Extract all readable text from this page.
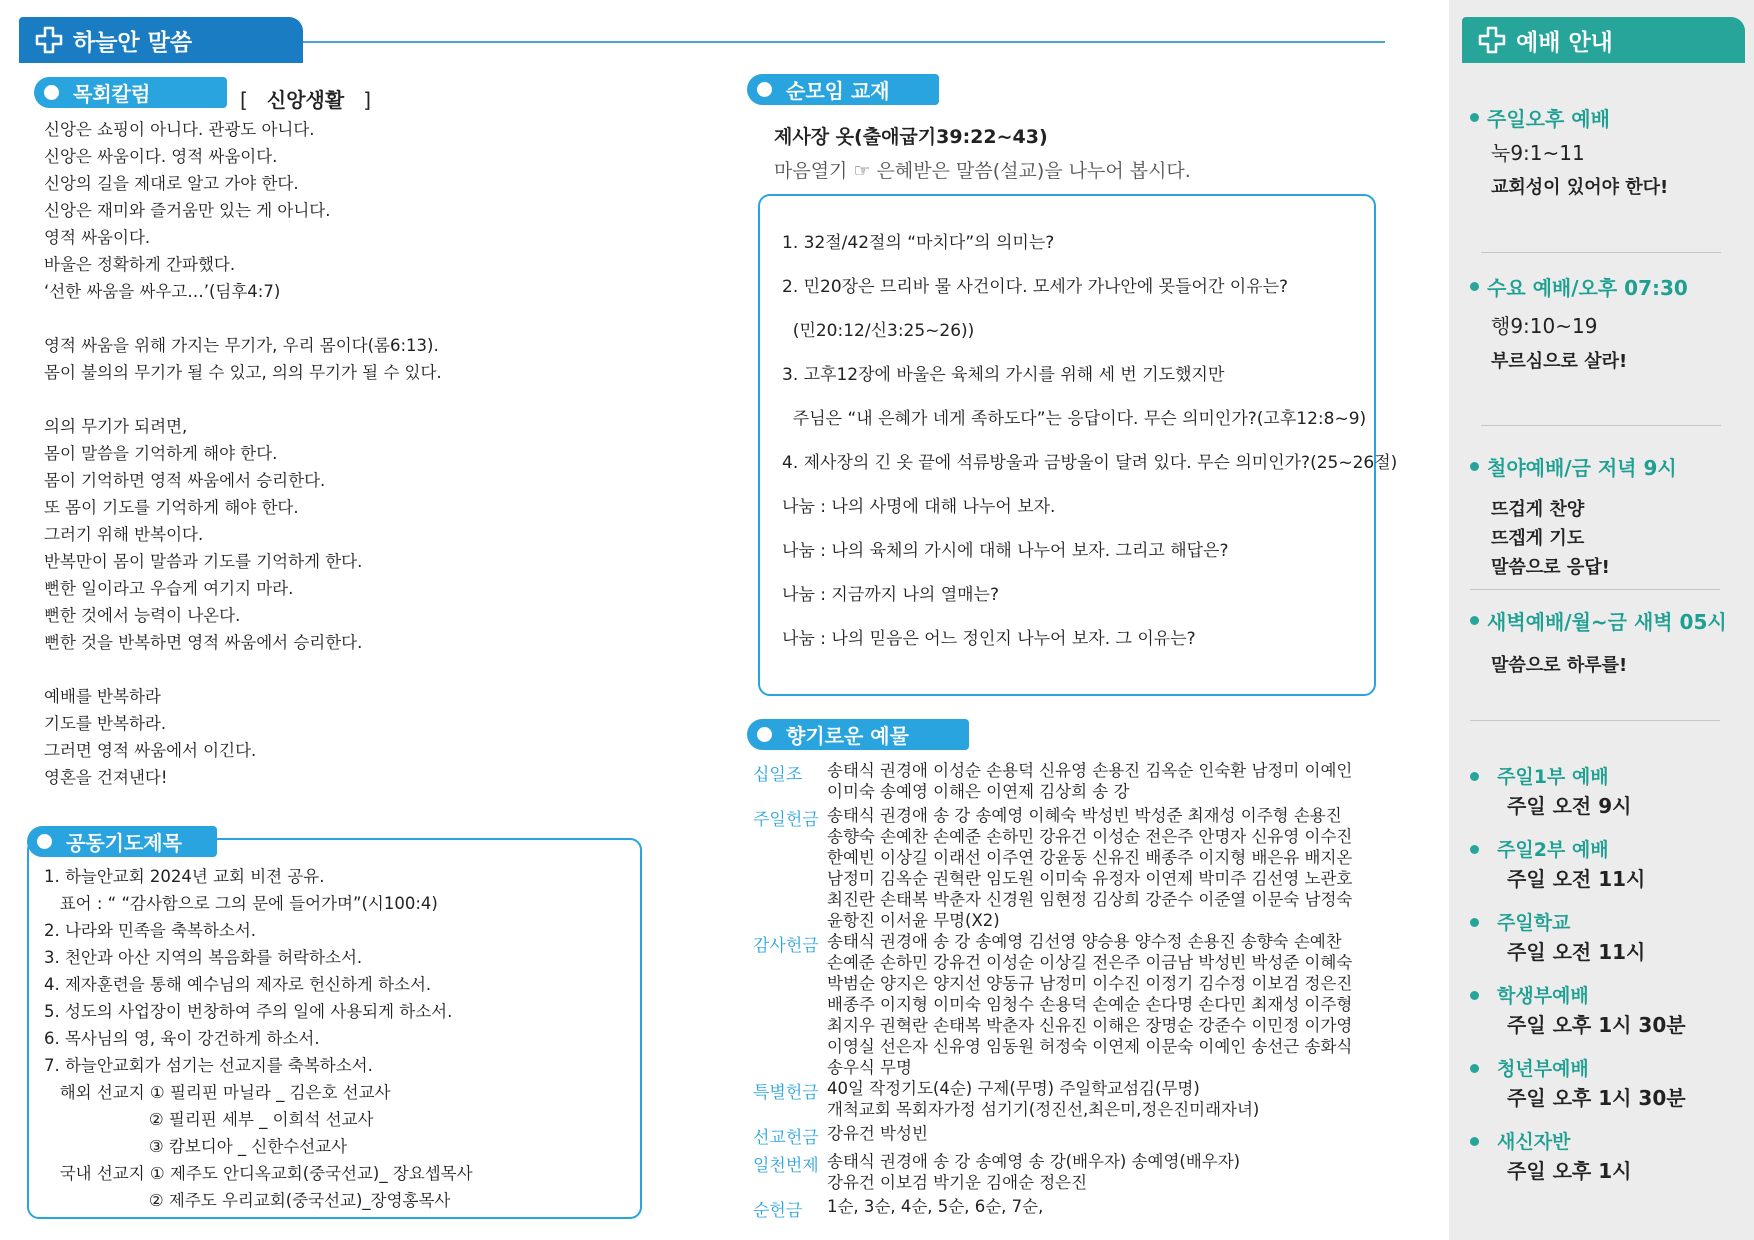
하늘안 말씀
목회칼럼	[ 신앙생활 ]
신앙은 쇼핑이 아니다. 관광도 아니다.
신앙은 싸움이다. 영적 싸움이다.
신앙의 길을 제대로 알고 가야 한다.
신앙은 재미와 즐거움만 있는 게 아니다.
영적 싸움이다.
바울은 정확하게 간파했다.
‘선한 싸움을 싸우고…’(딤후4:7)
영적 싸움을 위해 가지는 무기가, 우리 몸이다(롬6:13).
몸이 불의의 무기가 될 수 있고, 의의 무기가 될 수 있다.
의의 무기가 되려면,
몸이 말씀을 기억하게 해야 한다.
몸이 기억하면 영적 싸움에서 승리한다.
또 몸이 기도를 기억하게 해야 한다.
그러기 위해 반복이다.
반복만이 몸이 말씀과 기도를 기억하게 한다.
뻔한 일이라고 우습게 여기지 마라.
뻔한 것에서 능력이 나온다.
뻔한 것을 반복하면 영적 싸움에서 승리한다.
예배를 반복하라
기도를 반복하라.
그러면 영적 싸움에서 이긴다.
영혼을 건져낸다!
공동기도제목
1. 하늘안교회 2024년 교회 비젼 공유.
표어 : “ “감사함으로 그의 문에 들어가며”(시100:4)
2. 나라와 민족을 축복하소서.
3. 천안과 아산 지역의 복음화를 허락하소서.
4. 제자훈련을 통해 예수님의 제자로 헌신하게 하소서.
5. 성도의 사업장이 번창하여 주의 일에 사용되게 하소서.
6. 목사님의 영, 육이 강건하게 하소서.
7. 하늘안교회가 섬기는 선교지를 축복하소서.
해외 선교지 ① 필리핀 마닐라 _ 김은호 선교사
② 필리핀 세부 _ 이희석 선교사
③ 캄보디아 _ 신한수선교사
국내 선교지 ① 제주도 안디옥교회(중국선교)_ 장요셉목사
② 제주도 우리교회(중국선교)_장영홍목사
순모임 교재
제사장 옷(출애굽기39:22~43)
마음열기 ☞ 은혜받은 말씀(설교)을 나누어 봅시다.
1. 32절/42절의 “마치다”의 의미는?
2. 민20장은 므리바 물 사건이다. 모세가 가나안에 못들어간 이유는?
(민20:12/신3:25~26))
3. 고후12장에 바울은 육체의 가시를 위해 세 번 기도했지만
주님은 “내 은혜가 네게 족하도다”는 응답이다. 무슨 의미인가?(고후12:8~9)
4. 제사장의 긴 옷 끝에 석류방울과 금방울이 달려 있다. 무슨 의미인가?(25~26절)
나눔 : 나의 사명에 대해 나누어 보자.
나눔 : 나의 육체의 가시에 대해 나누어 보자. 그리고 해답은?
나눔 : 지금까지 나의 열매는?
나눔 : 나의 믿음은 어느 정인지 나누어 보자. 그 이유는?
향기로운 예물
십일조	송태식 권경애 이성순 손용덕 신유영 손용진 김옥순 인숙환 남정미 이예인
이미숙 송예영 이해은 이연제 김상희 송 강
주일헌금 송태식 권경애 송 강 송예영 이혜숙 박성빈 박성준 최재성 이주형 손용진
송향숙 손예찬 손예준 손하민 강유건 이성순 전은주 안명자 신유영 이수진
한예빈 이상길 이래선 이주연 강윤동 신유진 배종주 이지형 배은유 배지온
남정미 김옥순 권혁란 임도원 이미숙 유정자 이연제 박미주 김선영 노관호
최진란 손태복 박춘자 신경원 임현정 김상희 강준수 이준열 이문숙 남정숙
윤항진 이서윤 무명(X2)
감사헌금 송태식 권경애 송 강 송예영 김선영 양승용 양수정 손용진 송향숙 손예찬
손예준 손하민 강유건 이성순 이상길 전은주 이금남 박성빈 박성준 이혜숙
박범순 양지은 양지선 양동규 남정미 이수진 이정기 김수정 이보검 정은진
배종주 이지형 이미숙 임청수 손용덕 손예순 손다명 손다민 최재성 이주형
최지우 권혁란 손태복 박춘자 신유진 이해은 장명순 강준수 이민정 이가영
이영실 선은자 신유영 임동원 허정숙 이연제 이문숙 이예인 송선근 송화식
송우식 무명
특별헌금 40일 작정기도(4순) 구제(무명) 주일학교섬김(무명)
개척교회 목회자가정 섬기기(정진선,최은미,정은진미래자녀)
선교헌금 강유건 박성빈
일천번제 송태식 권경애 송 강 송예영 송 강(배우자) 송예영(배우자)
강유건 이보검 박기운 김애순 정은진
순헌금	1순, 3순, 4순, 5순, 6순, 7순,
예배 안내
주일오후 예배
눅9:1~11
교회성이 있어야 한다!
수요 예배/오후 07:30
행9:10~19
부르심으로 살라!
철야예배/금 저녁 9시
뜨겁게 찬양
뜨겝게 기도
말씀으로 응답!
새벽예배/월~금 새벽 05시
말씀으로 하루를!
주일1부 예배
주일 오전 9시
주일2부 예배
주일 오전 11시
주일학교
주일 오전 11시
학생부예배
주일 오후 1시 30분
청년부예배
주일 오후 1시 30분
새신자반
주일 오후 1시
